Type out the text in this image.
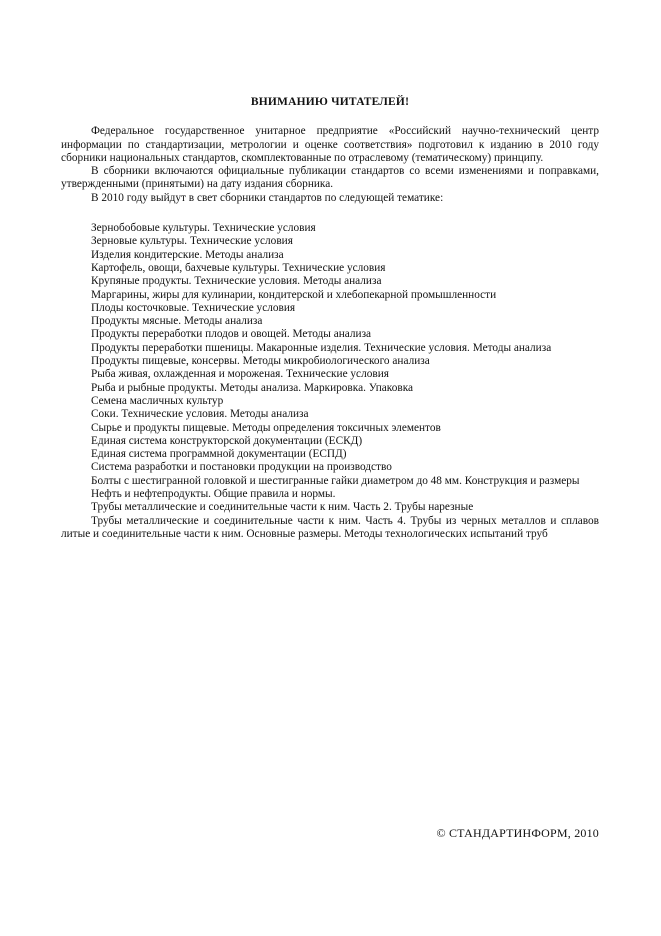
ВНИМАНИЮ ЧИТАТЕЛЕЙ!

Федеральное государственное унитарное предприятие «Российский научно-технический центр информации по стандартизации, метрологии и оценке соответствия» подготовил к изданию в 2010 году сборники национальных стандартов, скомплектованные по отраслевому (тематическому) принципу.

В сборники включаются официальные публикации стандартов со всеми изменениями и поправками, утвержденными (принятыми) на дату издания сборника.

В 2010 году выйдут в свет сборники стандартов по следующей тематике:

Зернобобовые культуры. Технические условия

Зерновые культуры. Технические условия

Изделия кондитерские. Методы анализа

Картофель, овощи, бахчевые культуры. Технические условия

Крупяные продукты. Технические условия. Методы анализа

Маргарины, жиры для кулинарии, кондитерской и хлебопекарной промышленности

Плоды косточковые. Технические условия

Продукты мясные. Методы анализа

Продукты переработки плодов и овощей. Методы анализа

Продукты переработки пшеницы. Макаронные изделия. Технические условия. Методы анализа

Продукты пищевые, консервы. Методы микробиологического анализа

Рыба живая, охлажденная и мороженая. Технические условия

Рыба и рыбные продукты. Методы анализа. Маркировка. Упаковка

Семена масличных культур

Соки. Технические условия. Методы анализа

Сырье и продукты пищевые. Методы определения токсичных элементов

Единая система конструкторской документации (ЕСКД)

Единая система программной документации (ЕСПД)

Система разработки и постановки продукции на производство

Болты с шестигранной головкой и шестигранные гайки диаметром до 48 мм. Конструкция и размеры

Нефть и нефтепродукты. Общие правила и нормы.

Трубы металлические и соединительные части к ним. Часть 2. Трубы нарезные

Трубы металлические и соединительные части к ним. Часть 4. Трубы из черных металлов и сплавов литые и соединительные части к ним. Основные размеры. Методы технологических испытаний труб

© СТАНДАРТИНФОРМ, 2010
